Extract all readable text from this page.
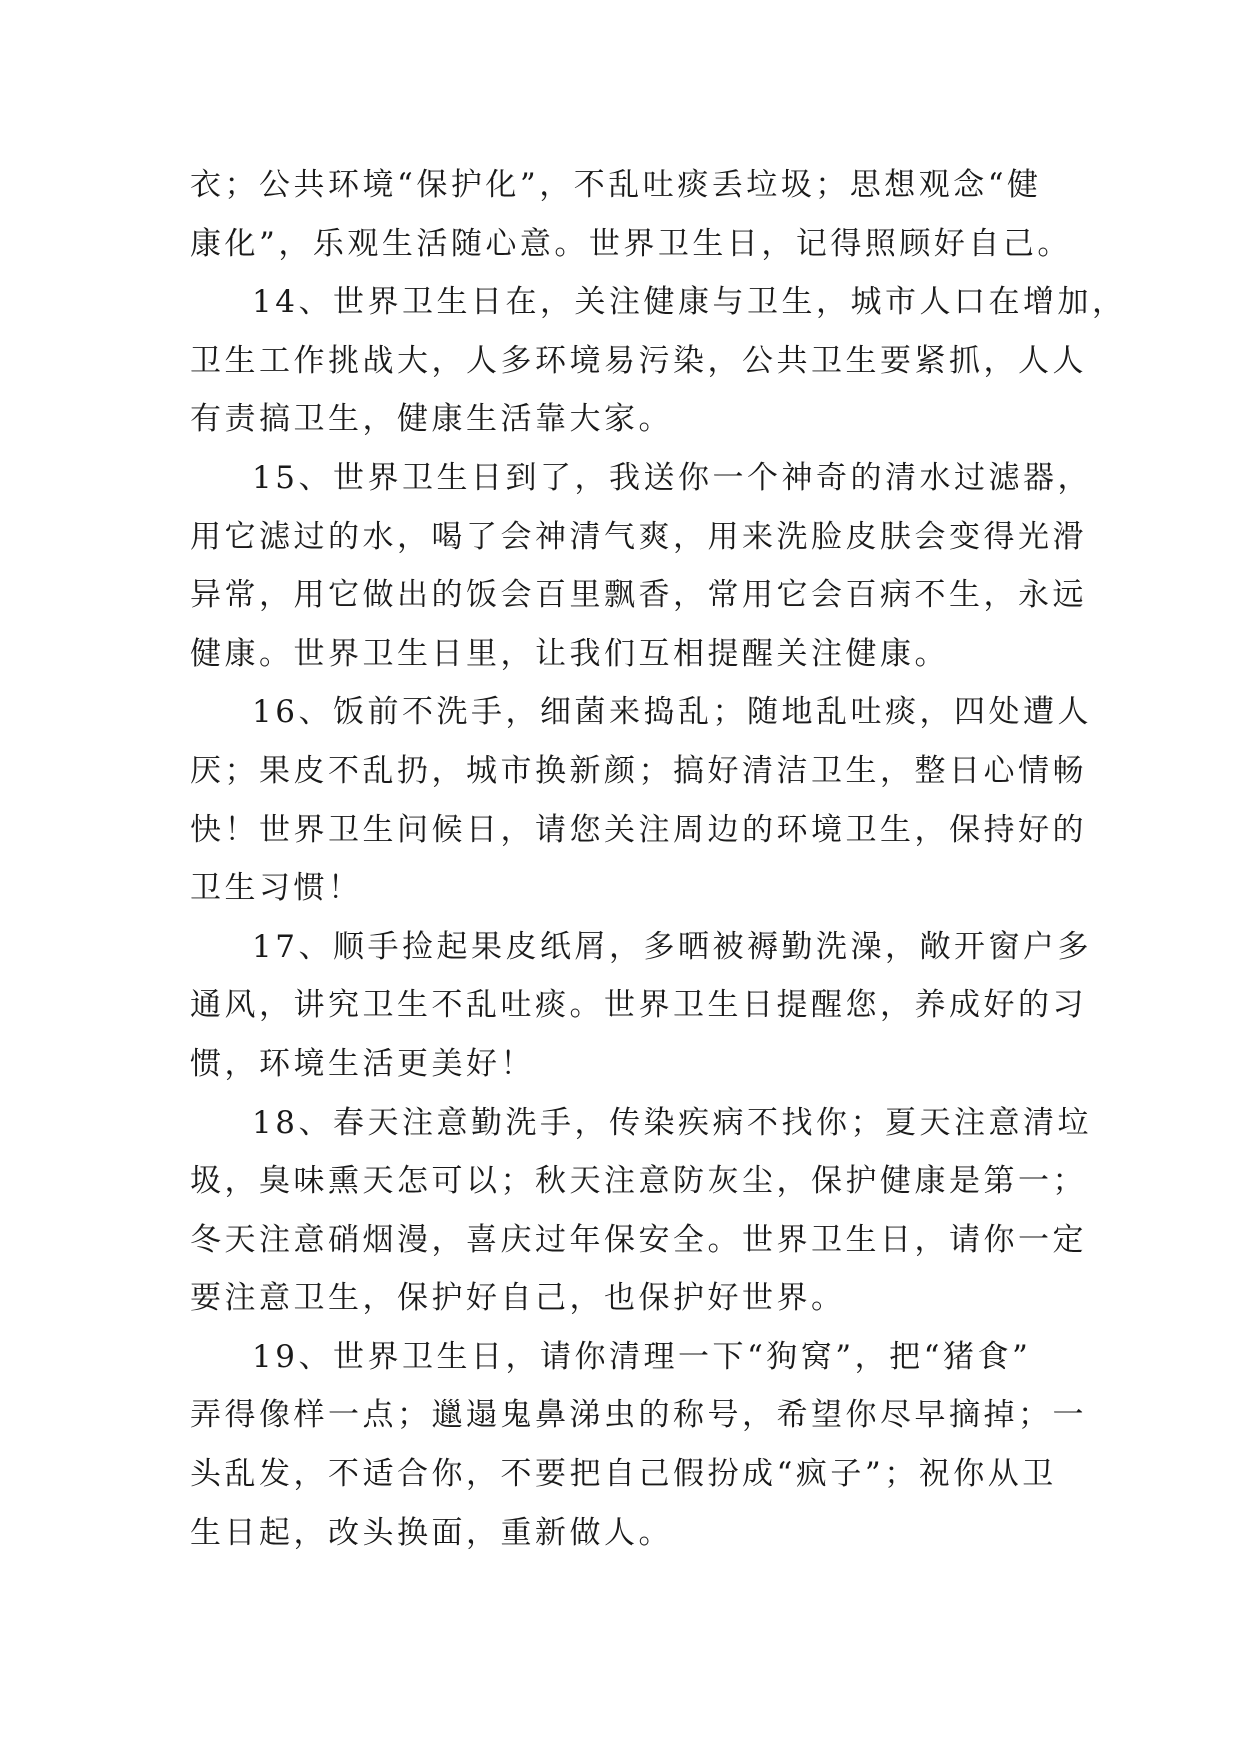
衣；公共环境“保护化”，不乱吐痰丢垃圾；思想观念“健
康化”，乐观生活随心意。世界卫生日，记得照顾好自己。
14、世界卫生日在，关注健康与卫生，城市人口在增加，
卫生工作挑战大，人多环境易污染，公共卫生要紧抓，人人
有责搞卫生，健康生活靠大家。
15、世界卫生日到了，我送你一个神奇的清水过滤器，
用它滤过的水，喝了会神清气爽，用来洗脸皮肤会变得光滑
异常，用它做出的饭会百里飘香，常用它会百病不生，永远
健康。世界卫生日里，让我们互相提醒关注健康。
16、饭前不洗手，细菌来捣乱；随地乱吐痰，四处遭人
厌；果皮不乱扔，城市换新颜；搞好清洁卫生，整日心情畅
快！世界卫生问候日，请您关注周边的环境卫生，保持好的
卫生习惯！
17、顺手捡起果皮纸屑，多晒被褥勤洗澡，敞开窗户多
通风，讲究卫生不乱吐痰。世界卫生日提醒您，养成好的习
惯，环境生活更美好！
18、春天注意勤洗手，传染疾病不找你；夏天注意清垃
圾，臭味熏天怎可以；秋天注意防灰尘，保护健康是第一；
冬天注意硝烟漫，喜庆过年保安全。世界卫生日，请你一定
要注意卫生，保护好自己，也保护好世界。
19、世界卫生日，请你清理一下“狗窝”，把“猪食”
弄得像样一点；邋遢鬼鼻涕虫的称号，希望你尽早摘掉；一
头乱发，不适合你，不要把自己假扮成“疯子”；祝你从卫
生日起，改头换面，重新做人。
